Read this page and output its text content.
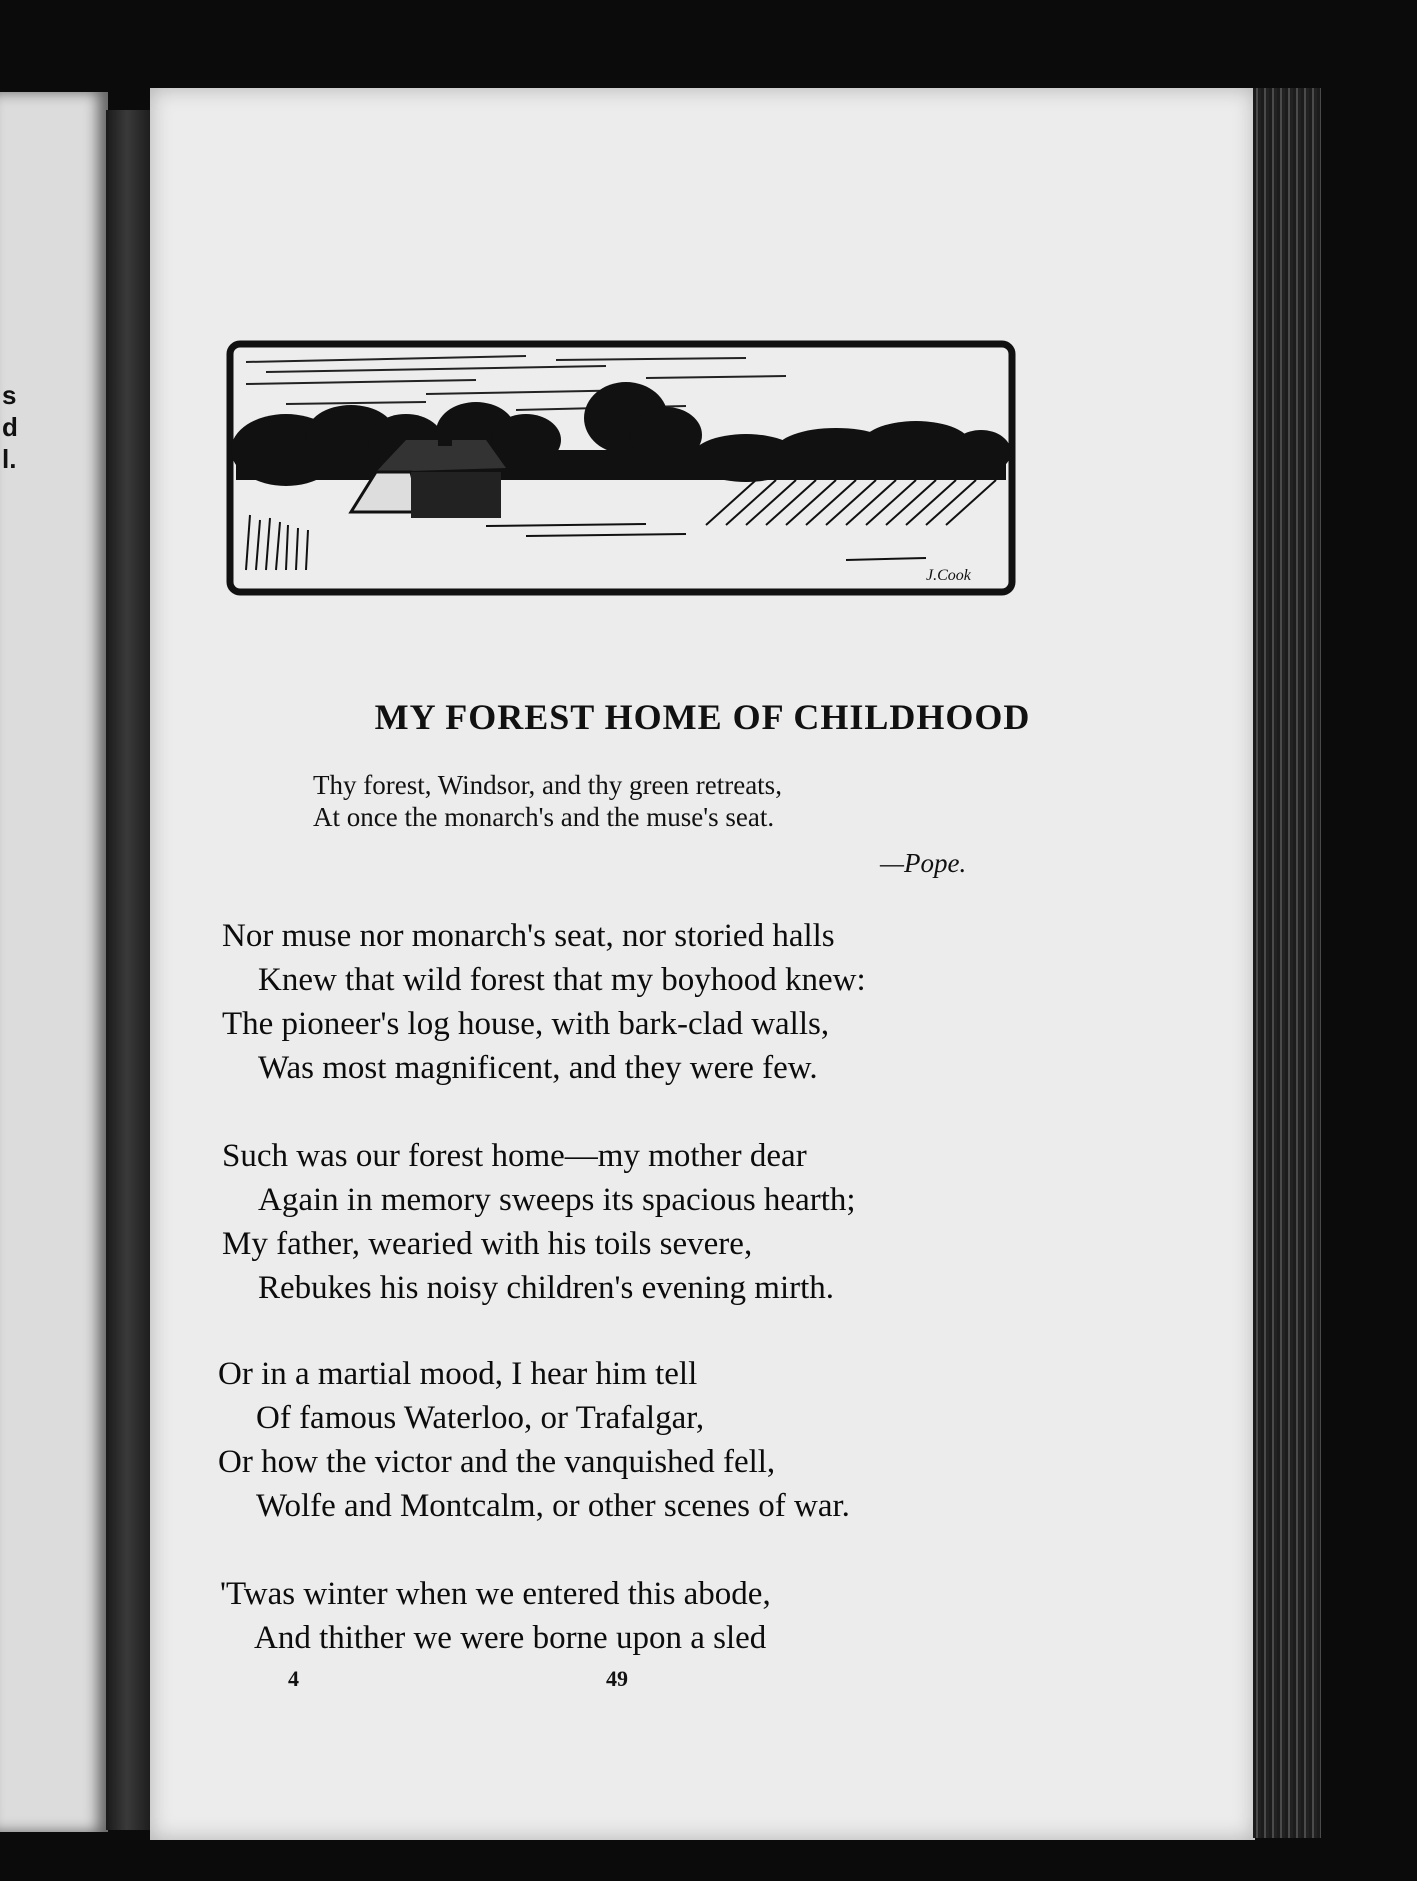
s
d
l.
J.Cook
MY FOREST HOME OF CHILDHOOD
Thy forest, Windsor, and thy green retreats,
At once the monarch's and the muse's seat.
—Pope.
Nor muse nor monarch's seat, nor storied halls
Knew that wild forest that my boyhood knew:
The pioneer's log house, with bark-clad walls,
Was most magnificent, and they were few.
Such was our forest home—my mother dear
Again in memory sweeps its spacious hearth;
My father, wearied with his toils severe,
Rebukes his noisy children's evening mirth.
Or in a martial mood, I hear him tell
Of famous Waterloo, or Trafalgar,
Or how the victor and the vanquished fell,
Wolfe and Montcalm, or other scenes of war.
'Twas winter when we entered this abode,
And thither we were borne upon a sled
4	49
